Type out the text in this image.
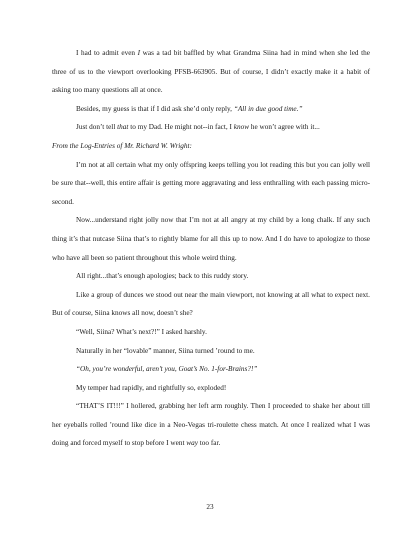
I had to admit even I was a tad bit baffled by what Grandma Siina had in mind when she led the three of us to the viewport overlooking PFSB-663905. But of course, I didn’t exactly make it a habit of asking too many questions all at once.

Besides, my guess is that if I did ask she’d only reply, “All in due good time.”

Just don’t tell that to my Dad. He might not--in fact, I know he won’t agree with it...

From the Log-Entries of Mr. Richard W. Wright:

I’m not at all certain what my only offspring keeps telling you lot reading this but you can jolly well be sure that--well, this entire affair is getting more aggravating and less enthralling with each passing micro-second.

Now...understand right jolly now that I’m not at all angry at my child by a long chalk. If any such thing it’s that nutcase Siina that’s to rightly blame for all this up to now. And I do have to apologize to those who have all been so patient throughout this whole weird thing.

All right...that’s enough apologies; back to this ruddy story.

Like a group of dunces we stood out near the main viewport, not knowing at all what to expect next. But of course, Siina knows all now, doesn’t she?

“Well, Siina? What’s next?!” I asked harshly.

Naturally in her “lovable” manner, Siina turned ’round to me.

“Oh, you’re wonderful, aren’t you, Goat’s No. 1-for-Brains?!”

My temper had rapidly, and rightfully so, exploded!

“THAT’S IT!!!” I hollered, grabbing her left arm roughly. Then I proceeded to shake her about till her eyeballs rolled ’round like dice in a Neo-Vegas tri-roulette chess match. At once I realized what I was doing and forced myself to stop before I went way too far.

23
